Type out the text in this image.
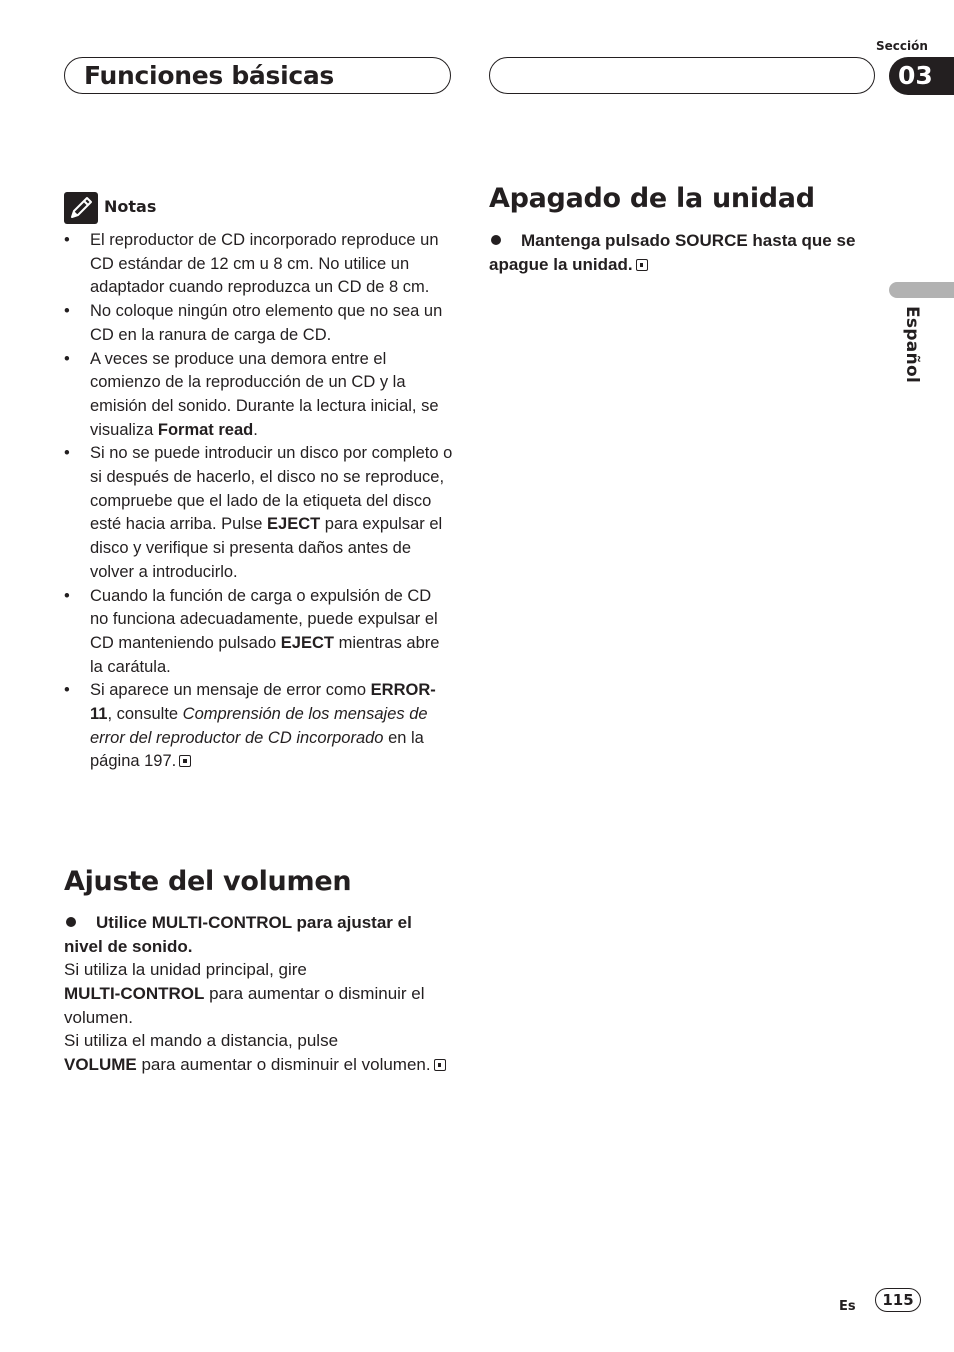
Funciones básicas
Sección
03
Español
Notas
• El reproductor de CD incorporado reproduce un CD estándar de 12 cm u 8 cm. No utilice un adaptador cuando reproduzca un CD de 8 cm.
• No coloque ningún otro elemento que no sea un CD en la ranura de carga de CD.
• A veces se produce una demora entre el comienzo de la reproducción de un CD y la emisión del sonido. Durante la lectura inicial, se visualiza Format read.
• Si no se puede introducir un disco por completo o si después de hacerlo, el disco no se reproduce, compruebe que el lado de la etiqueta del disco esté hacia arriba. Pulse EJECT para expulsar el disco y verifique si presenta daños antes de volver a introducirlo.
• Cuando la función de carga o expulsión de CD no funciona adecuadamente, puede expulsar el CD manteniendo pulsado EJECT mientras abre la carátula.
• Si aparece un mensaje de error como ERROR-11, consulte Comprensión de los mensajes de error del reproductor de CD incorporado en la página 197.
Ajuste del volumen
Utilice MULTI-CONTROL para ajustar el nivel de sonido.
Si utiliza la unidad principal, gire
MULTI-CONTROL para aumentar o disminuir el volumen.
Si utiliza el mando a distancia, pulse
VOLUME para aumentar o disminuir el volumen.
Apagado de la unidad
Mantenga pulsado SOURCE hasta que se apague la unidad.
Es	115
